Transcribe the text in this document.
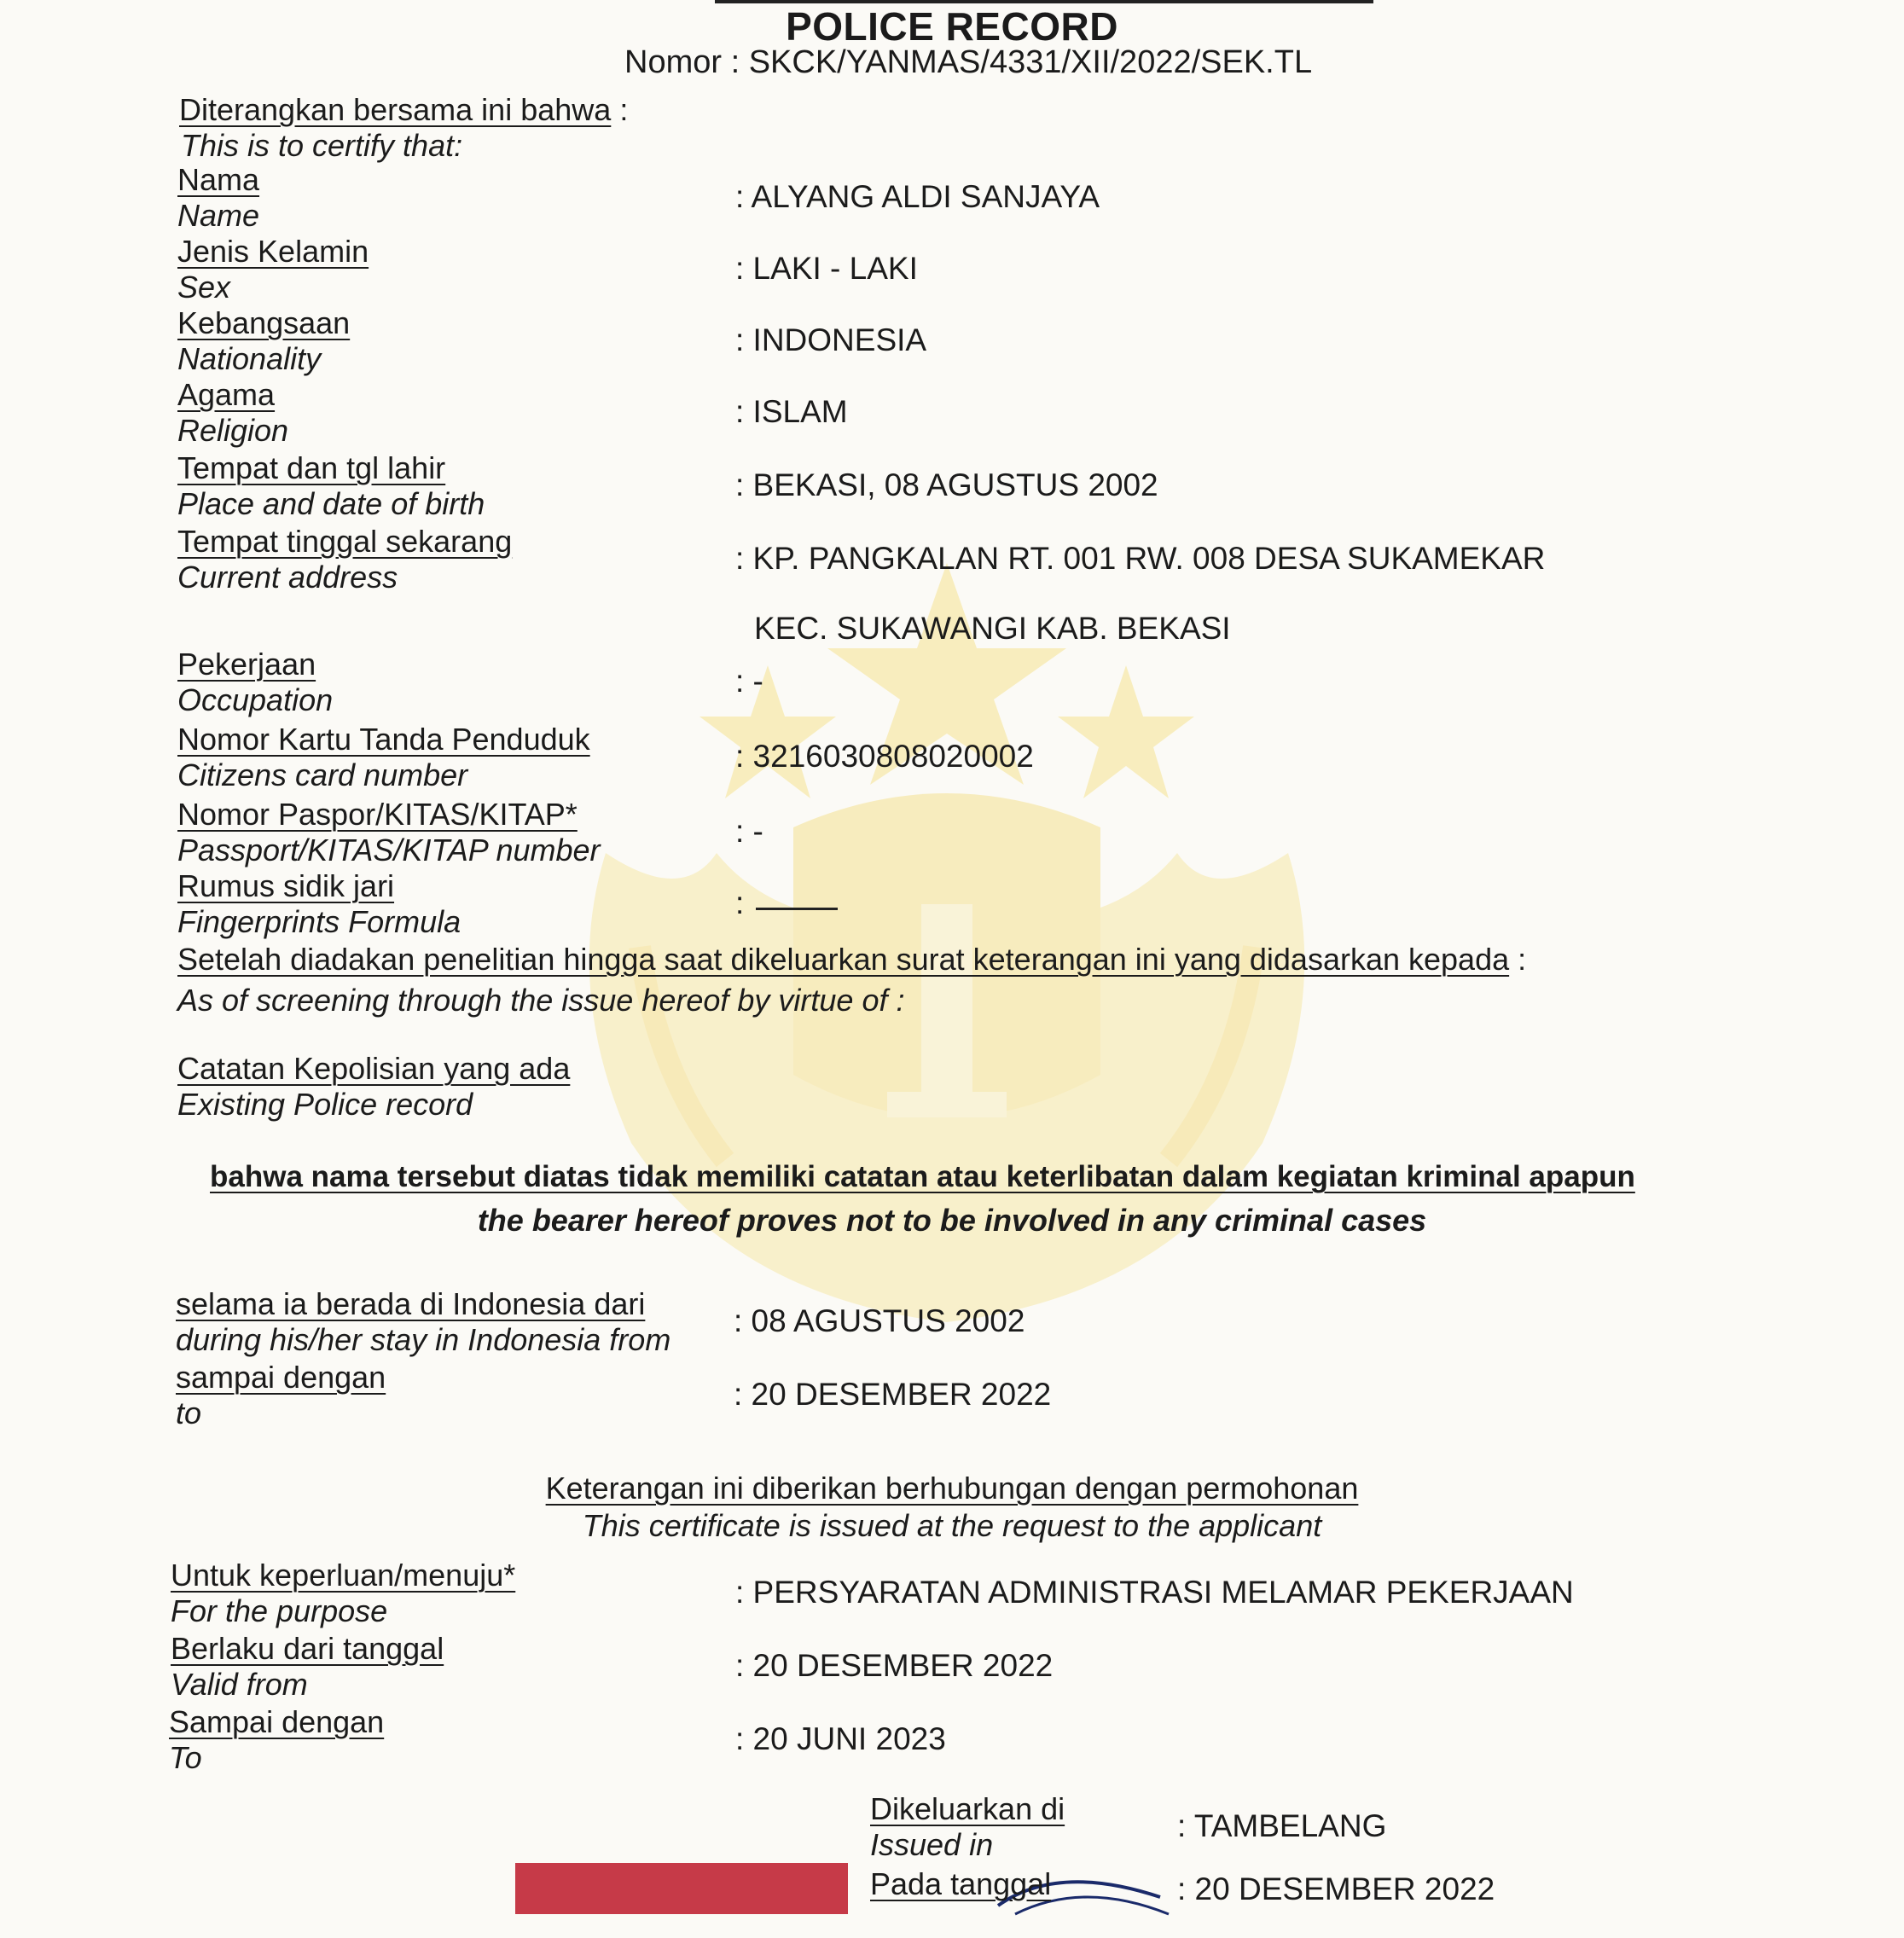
POLICE RECORD
Nomor : SKCK/YANMAS/4331/XII/2022/SEK.TL
Diterangkan bersama ini bahwa :
This is to certify that:
Nama
Name
: ALYANG ALDI SANJAYA
Jenis Kelamin
Sex
: LAKI - LAKI
Kebangsaan
Nationality
: INDONESIA
Agama
Religion
: ISLAM
Tempat dan tgl lahir
Place and date of birth
: BEKASI, 08 AGUSTUS 2002
Tempat tinggal sekarang
Current address
: KP. PANGKALAN RT. 001 RW. 008 DESA SUKAMEKAR
KEC. SUKAWANGI KAB. BEKASI
Pekerjaan
Occupation
: -
Nomor Kartu Tanda Penduduk
Citizens card number
: 3216030808020002
Nomor Paspor/KITAS/KITAP*
Passport/KITAS/KITAP number
: -
Rumus sidik jari
Fingerprints Formula
:
Setelah diadakan penelitian hingga saat dikeluarkan surat keterangan ini yang didasarkan kepada :
As of screening through the issue hereof by virtue of :
Catatan Kepolisian yang ada
Existing Police record
bahwa nama tersebut diatas tidak memiliki catatan atau keterlibatan dalam kegiatan kriminal apapun
the bearer hereof proves not to be involved in any criminal cases
selama ia berada di Indonesia dari
during his/her stay in Indonesia from
: 08 AGUSTUS 2002
sampai dengan
to
: 20 DESEMBER 2022
Keterangan ini diberikan berhubungan dengan permohonan
This certificate is issued at the request to the applicant
Untuk keperluan/menuju*
For the purpose
: PERSYARATAN ADMINISTRASI MELAMAR PEKERJAAN
Berlaku dari tanggal
Valid from
: 20 DESEMBER 2022
Sampai dengan
To
: 20 JUNI 2023
Dikeluarkan di
Issued in
: TAMBELANG
Pada tanggal	: 20 DESEMBER 2022
